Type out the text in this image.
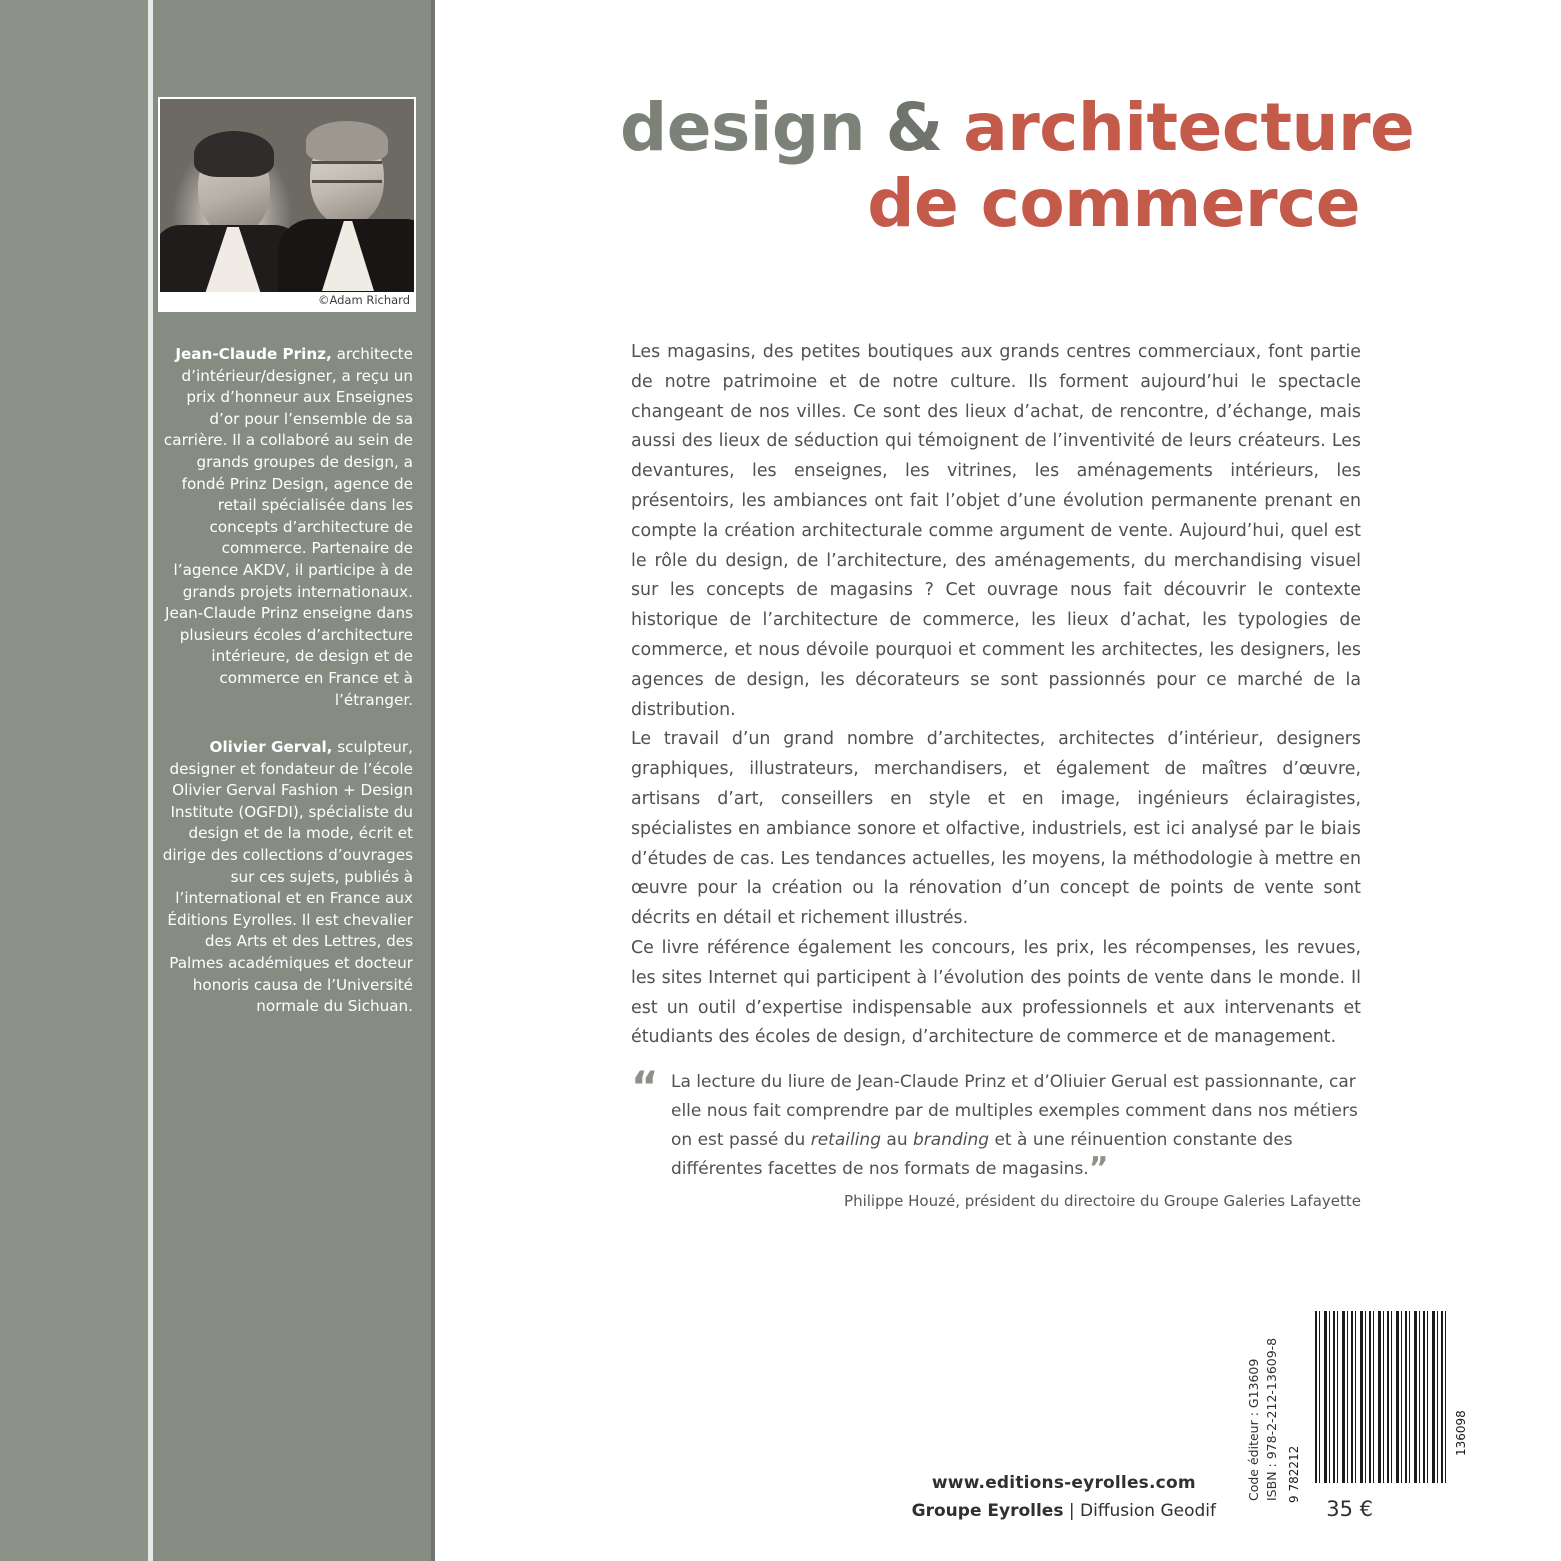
©Adam Richard
Jean-Claude Prinz, architecte d’intérieur/designer, a reçu un prix d’honneur aux Enseignes d’or pour l’ensemble de sa carrière. Il a collaboré au sein de grands groupes de design, a fondé Prinz Design, agence de retail spécialisée dans les concepts d’architecture de commerce. Partenaire de l’agence AKDV, il participe à de grands projets internationaux. Jean-Claude Prinz enseigne dans plusieurs écoles d’architecture intérieure, de design et de commerce en France et à l’étranger.
Olivier Gerval, sculpteur, designer et fondateur de l’école Olivier Gerval Fashion + Design Institute (OGFDI), spécialiste du design et de la mode, écrit et dirige des collections d’ouvrages sur ces sujets, publiés à l’international et en France aux Éditions Eyrolles. Il est chevalier des Arts et des Lettres, des Palmes académiques et docteur honoris causa de l’Université normale du Sichuan.
design & architecture
de commerce

Les magasins, des petites boutiques aux grands centres commerciaux, font partie de notre patrimoine et de notre culture. Ils forment aujourd’hui le spectacle changeant de nos villes. Ce sont des lieux d’achat, de rencontre, d’échange, mais aussi des lieux de séduction qui témoignent de l’inventivité de leurs créateurs. Les devantures, les enseignes, les vitrines, les aménagements intérieurs, les présentoirs, les ambiances ont fait l’objet d’une évolution permanente prenant en compte la création architecturale comme argument de vente. Aujourd’hui, quel est le rôle du design, de l’architecture, des aménagements, du merchandising visuel sur les concepts de magasins ? Cet ouvrage nous fait découvrir le contexte historique de l’architecture de commerce, les lieux d’achat, les typologies de commerce, et nous dévoile pourquoi et comment les architectes, les designers, les agences de design, les décorateurs se sont passionnés pour ce marché de la distribution.

Le travail d’un grand nombre d’architectes, architectes d’intérieur, designers graphiques, illustrateurs, merchandisers, et également de maîtres d’œuvre, artisans d’art, conseillers en style et en image, ingénieurs éclairagistes, spécialistes en ambiance sonore et olfactive, industriels, est ici analysé par le biais d’études de cas. Les tendances actuelles, les moyens, la méthodologie à mettre en œuvre pour la création ou la rénovation d’un concept de points de vente sont décrits en détail et richement illustrés.

Ce livre référence également les concours, les prix, les récompenses, les revues, les sites Internet qui participent à l’évolution des points de vente dans le monde. Il est un outil d’expertise indispensable aux professionnels et aux intervenants et étudiants des écoles de design, d’architecture de commerce et de management.

“ La lecture du liure de Jean-Claude Prinz et d’Oliuier Gerual est passionnante, car elle nous fait comprendre par de multiples exemples comment dans nos métiers on est passé du retailing au branding et à une réinuention constante des différentes facettes de nos formats de magasins.”
Philippe Houzé, président du directoire du Groupe Galeries Lafayette
Code éditeur : G13609 ISBN : 978-2-212-13609-8 9 782212
136098
www.editions-eyrolles.com
Groupe Eyrolles | Diffusion Geodif	35 €
